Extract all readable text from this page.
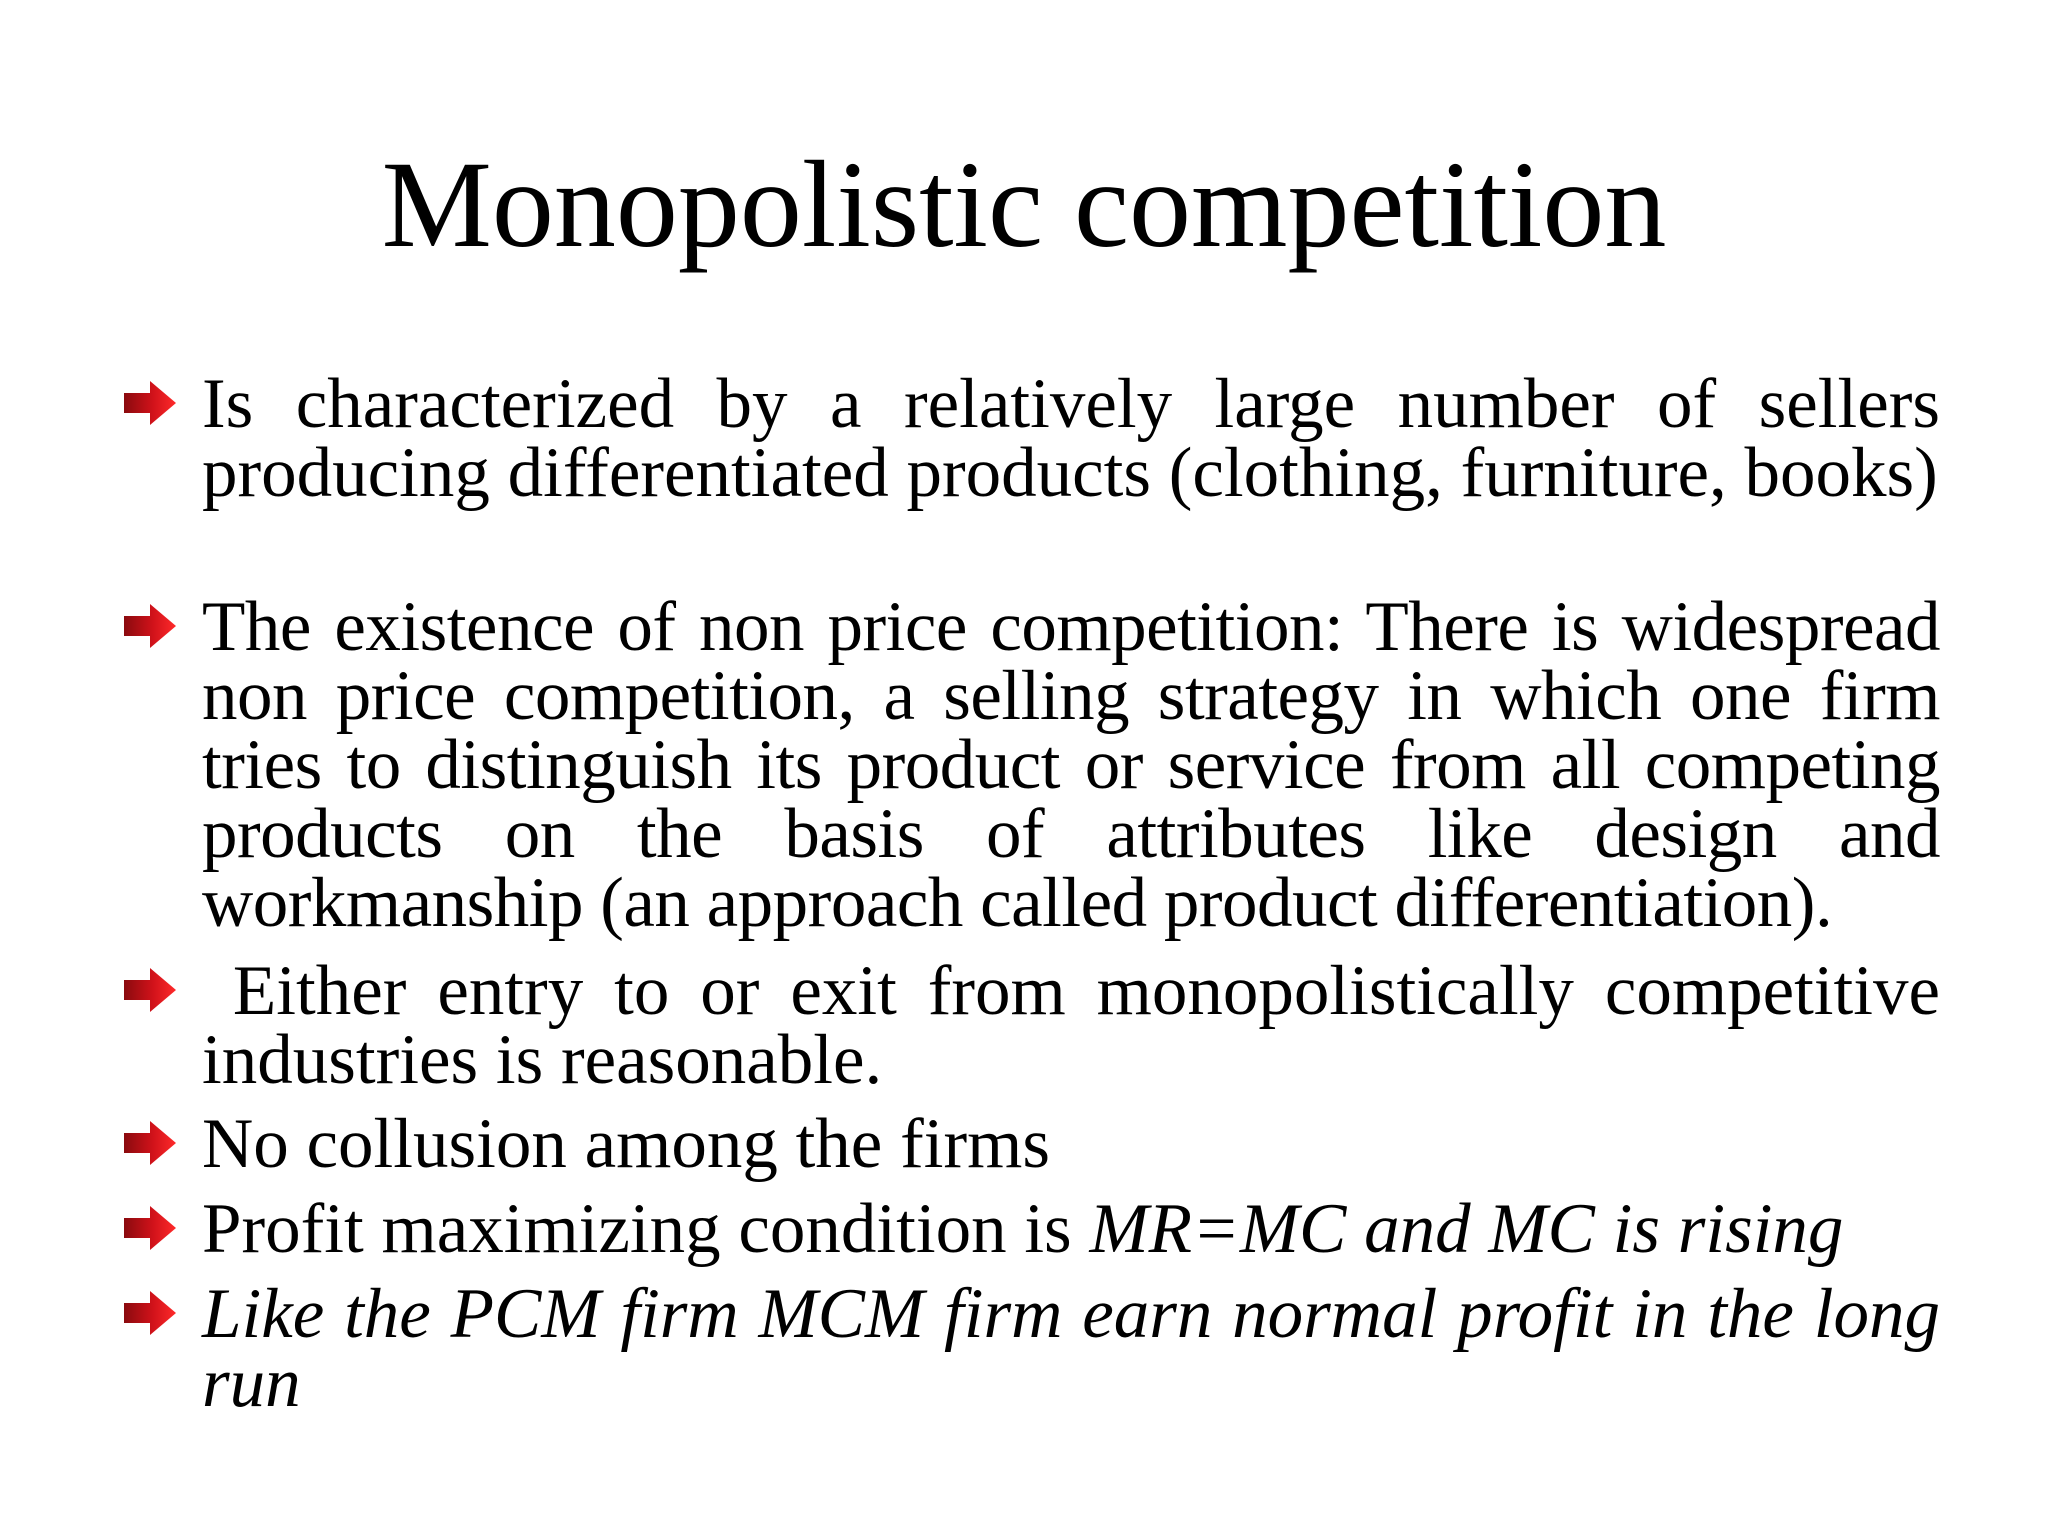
Monopolistic competition
Is characterized by a relatively large number of sellers producing differentiated products (clothing, furniture, books)
The existence of non price competition: There is widespread non price competition, a selling strategy in which one firm tries to distinguish its product or service from all competing products on the basis of attributes like design and workmanship (an approach called product differentiation).
Either entry to or exit from monopolistically competitive industries is reasonable.
No collusion among the firms
Profit maximizing condition is MR=MC and MC is rising
Like the PCM firm MCM firm earn normal profit in the long run
